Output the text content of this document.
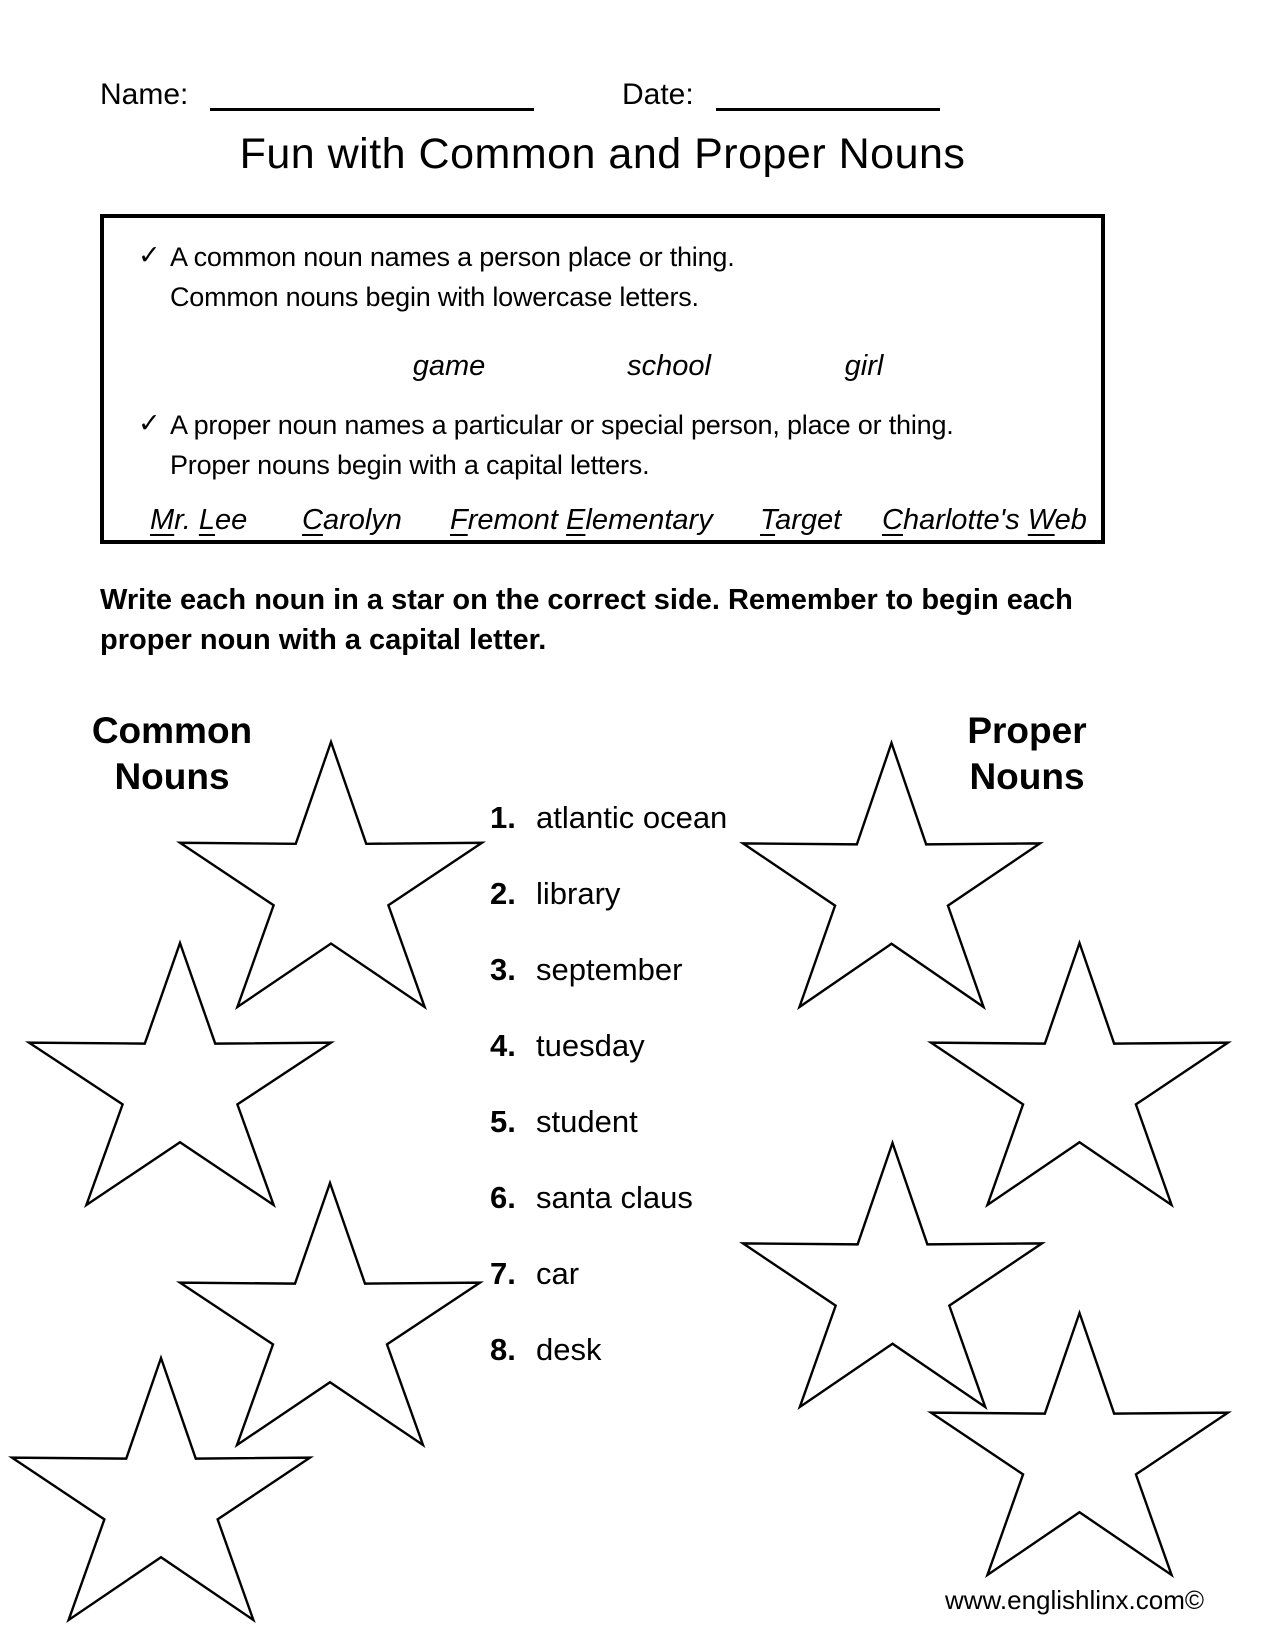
Name:	Date:
Fun with Common and Proper Nouns
✓ A common noun names a person place or thing.
Common nouns begin with lowercase letters.
game	school	girl
✓ A proper noun names a particular or special person, place or thing.
Proper nouns begin with a capital letters.
Mr. Lee Carolyn Fremont Elementary Target Charlotte's Web
Write each noun in a star on the correct side. Remember to begin each
proper noun with a capital letter.
Common
Nouns
Proper
Nouns
1. atlantic ocean
2. library
3. september
4. tuesday
5. student
6. santa claus
7. car
8. desk
www.englishlinx.com©
